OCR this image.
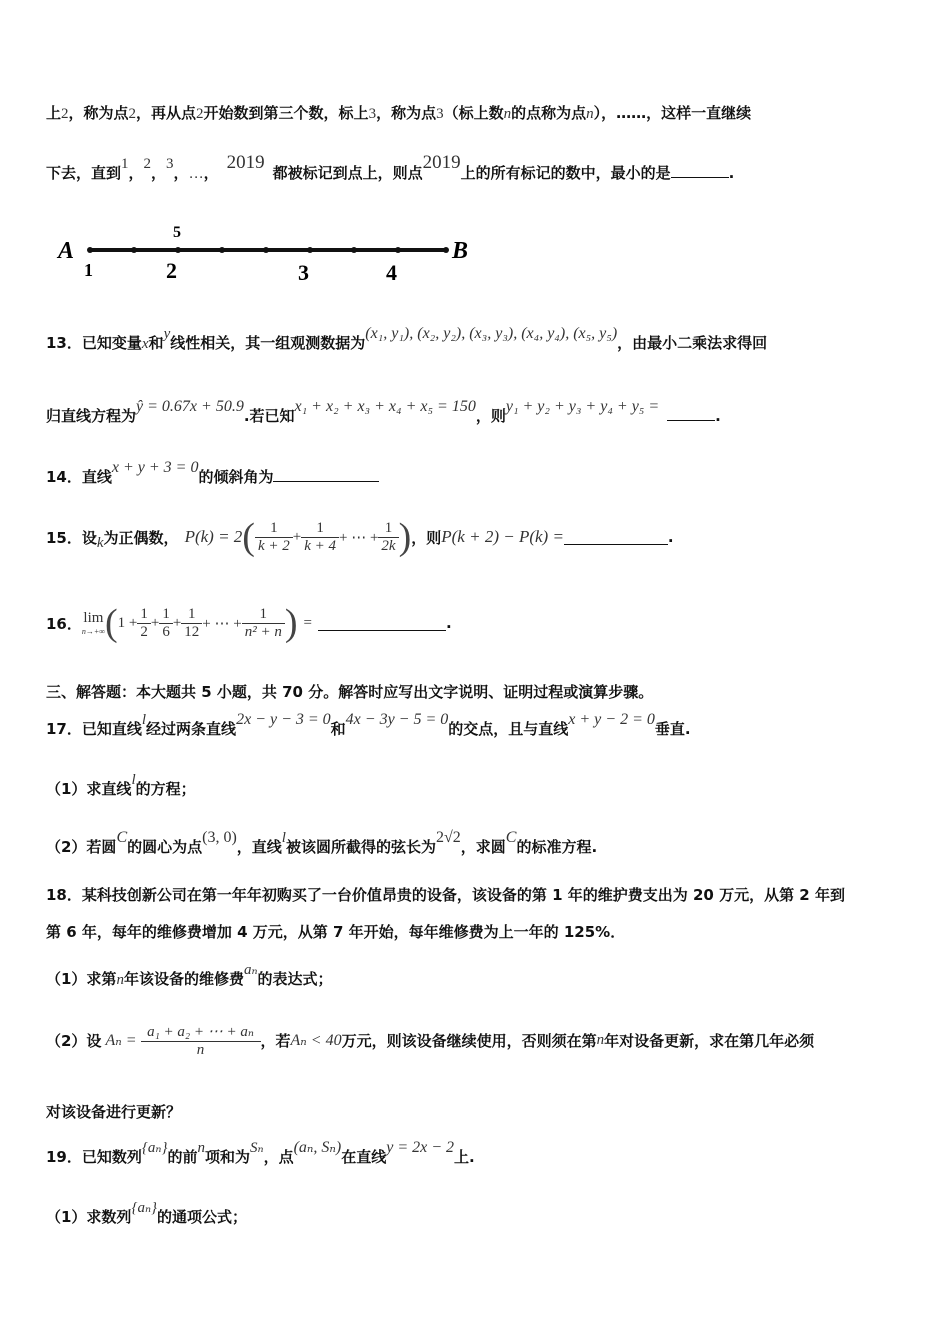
上2，称为点2，再从点2开始数到第三个数，标上3，称为点3（标上数n的点称为点n），……，这样一直继续
下去，直到1，2，3，…， 2019 都被标记到点上，则点2019上的所有标记的数中，最小的是	.
A	B
1	2	3	4
5
13．已知变量x和y线性相关，其一组观测数据为(x₁, y₁), (x₂, y₂), (x₃, y₃), (x₄, y₄), (x₅, y₅)，由最小二乘法求得回
归直线方程为ŷ = 0.67x + 50.9.若已知x₁ + x₂ + x₃ + x₄ + x₅ = 150，则y₁ + y₂ + y₃ + y₄ + y₅ =.
14．直线x + y + 3 = 0的倾斜角为
15．设 k 为正偶数， P(k) = 2 ( $\frac{1}{k + 2} + \frac{1}{k + 4}$ + ⋯ + $\frac{1}{2k}$ ) ，则 P(k + 2) − P(k) =	.
16． lim
n→+∞ ( $1 + \frac{1}{2} + \frac{1}{6} + \frac{1}{12}$ + ⋯ + $\frac{1}{\text{n² + n}}$ ) =	.
三、解答题：本大题共 5 小题，共 70 分。解答时应写出文字说明、证明过程或演算步骤。
17．已知直线l经过两条直线2x − y − 3 = 0和4x − 3y − 5 = 0的交点，且与直线x + y − 2 = 0垂直.
（1）求直线l的方程；
（2）若圆C的圆心为点(3, 0)，直线l被该圆所截得的弦长为2√2，求圆C的标准方程.
18．某科技创新公司在第一年年初购买了一台价值昂贵的设备，该设备的第 1 年的维护费支出为 20 万元，从第 2 年到
第 6 年，每年的维修费增加 4 万元，从第 7 年开始，每年维修费为上一年的 125%．
（1）求第n年该设备的维修费aₙ的表达式；
（2）设 $A_n = \frac{\text{a₁ + a₂ + ⋯ + aₙ}}{n}$ ，若 Aₙ < 40 万元，则该设备继续使用，否则须在第 n 年对设备更新，求在第几年必须
对该设备进行更新？
19．已知数列{aₙ}的前n项和为Sₙ，点(aₙ, Sₙ)在直线y = 2x − 2上.
（1）求数列{aₙ}的通项公式；
